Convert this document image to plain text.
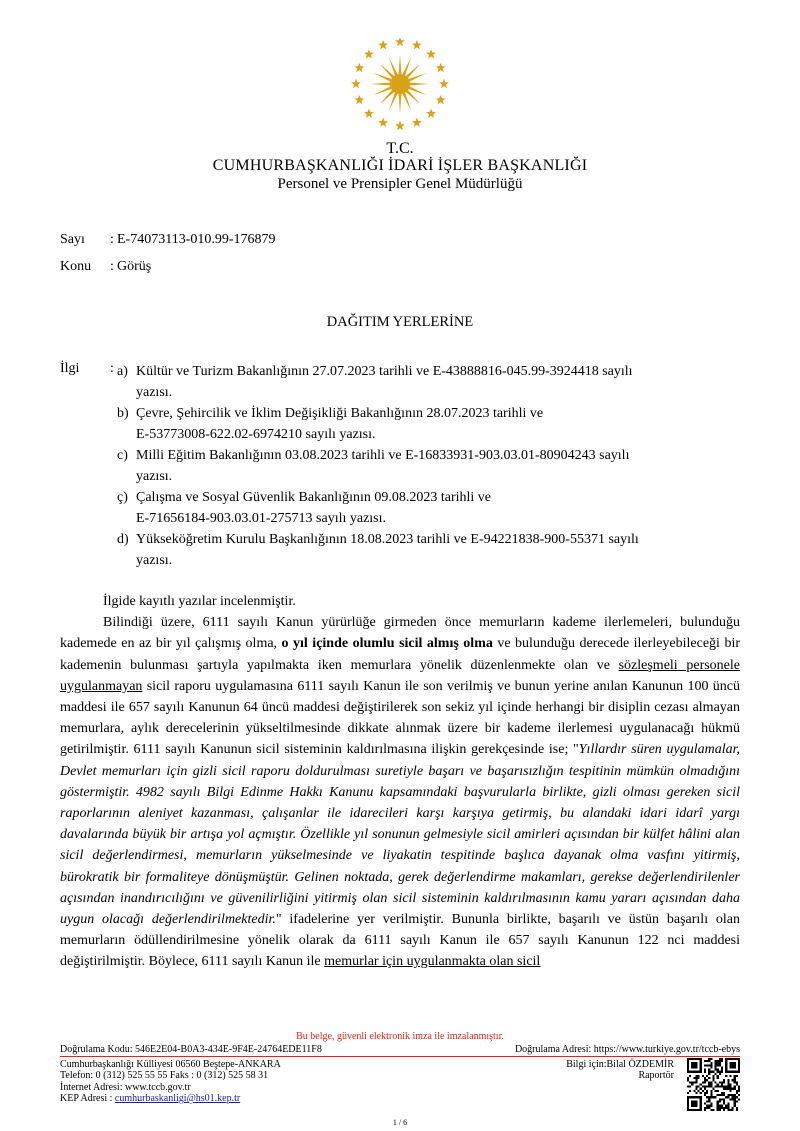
T.C.
CUMHURBAŞKANLIĞI İDARİ İŞLER BAŞKANLIĞI
Personel ve Prensipler Genel Müdürlüğü
Sayı : E-74073113-010.99-176879
Konu : Görüş
DAĞITIM YERLERİNE
İlgi : a) Kültür ve Turizm Bakanlığının 27.07.2023 tarihli ve E-43888816-045.99-3924418 sayılı
yazısı.
b) Çevre, Şehircilik ve İklim Değişikliği Bakanlığının 28.07.2023 tarihli ve
E-53773008-622.02-6974210 sayılı yazısı.
c) Milli Eğitim Bakanlığının 03.08.2023 tarihli ve E-16833931-903.03.01-80904243 sayılı
yazısı.
ç) Çalışma ve Sosyal Güvenlik Bakanlığının 09.08.2023 tarihli ve
E-71656184-903.03.01-275713 sayılı yazısı.
d) Yükseköğretim Kurulu Başkanlığının 18.08.2023 tarihli ve E-94221838-900-55371 sayılı
yazısı.

İlgide kayıtlı yazılar incelenmiştir.

Bilindiği üzere, 6111 sayılı Kanun yürürlüğe girmeden önce memurların kademe ilerlemeleri, bulunduğu kademede en az bir yıl çalışmış olma, o yıl içinde olumlu sicil almış olma ve bulunduğu derecede ilerleyebileceği bir kademenin bulunması şartıyla yapılmakta iken memurlara yönelik düzenlenmekte olan ve sözleşmeli personele uygulanmayan sicil raporu uygulamasına 6111 sayılı Kanun ile son verilmiş ve bunun yerine anılan Kanunun 100 üncü maddesi ile 657 sayılı Kanunun 64 üncü maddesi değiştirilerek son sekiz yıl içinde herhangi bir disiplin cezası almayan memurlara, aylık derecelerinin yükseltilmesinde dikkate alınmak üzere bir kademe ilerlemesi uygulanacağı hükmü getirilmiştir. 6111 sayılı Kanunun sicil sisteminin kaldırılmasına ilişkin gerekçesinde ise; "Yıllardır süren uygulamalar, Devlet memurları için gizli sicil raporu doldurulması suretiyle başarı ve başarısızlığın tespitinin mümkün olmadığını göstermiştir. 4982 sayılı Bilgi Edinme Hakkı Kanunu kapsamındaki başvurularla birlikte, gizli olması gereken sicil raporlarının aleniyet kazanması, çalışanlar ile idarecileri karşı karşıya getirmiş, bu alandaki idari idarî yargı davalarında büyük bir artışa yol açmıştır. Özellikle yıl sonunun gelmesiyle sicil amirleri açısından bir külfet hâlini alan sicil değerlendirmesi, memurların yükselmesinde ve liyakatin tespitinde başlıca dayanak olma vasfını yitirmiş, bürokratik bir formaliteye dönüşmüştür. Gelinen noktada, gerek değerlendirme makamları, gerekse değerlendirilenler açısından inandırıcılığını ve güvenilirliğini yitirmiş olan sicil sisteminin kaldırılmasının kamu yararı açısından daha uygun olacağı değerlendirilmektedir." ifadelerine yer verilmiştir. Bununla birlikte, başarılı ve üstün başarılı olan memurların ödüllendirilmesine yönelik olarak da 6111 sayılı Kanun ile 657 sayılı Kanunun 122 nci maddesi değiştirilmiştir. Böylece, 6111 sayılı Kanun ile memurlar için uygulanmakta olan sicil

Bu belge, güvenli elektronik imza ile imzalanmıştır.
Doğrulama Kodu: 546E2E04-B0A3-434E-9F4E-24764EDE11F8	Doğrulama Adresi: https://www.turkiye.gov.tr/tccb-ebys
Cumhurbaşkanlığı Külliyesi 06560 Beştepe-ANKARA
Telefon: 0 (312) 525 55 55 Faks : 0 (312) 525 58 31
İnternet Adresi: www.tccb.gov.tr
KEP Adresi : cumhurbaskanligi@hs01.kep.tr
Bilgi için:Bilal ÖZDEMİR
Raportör
1 / 6
